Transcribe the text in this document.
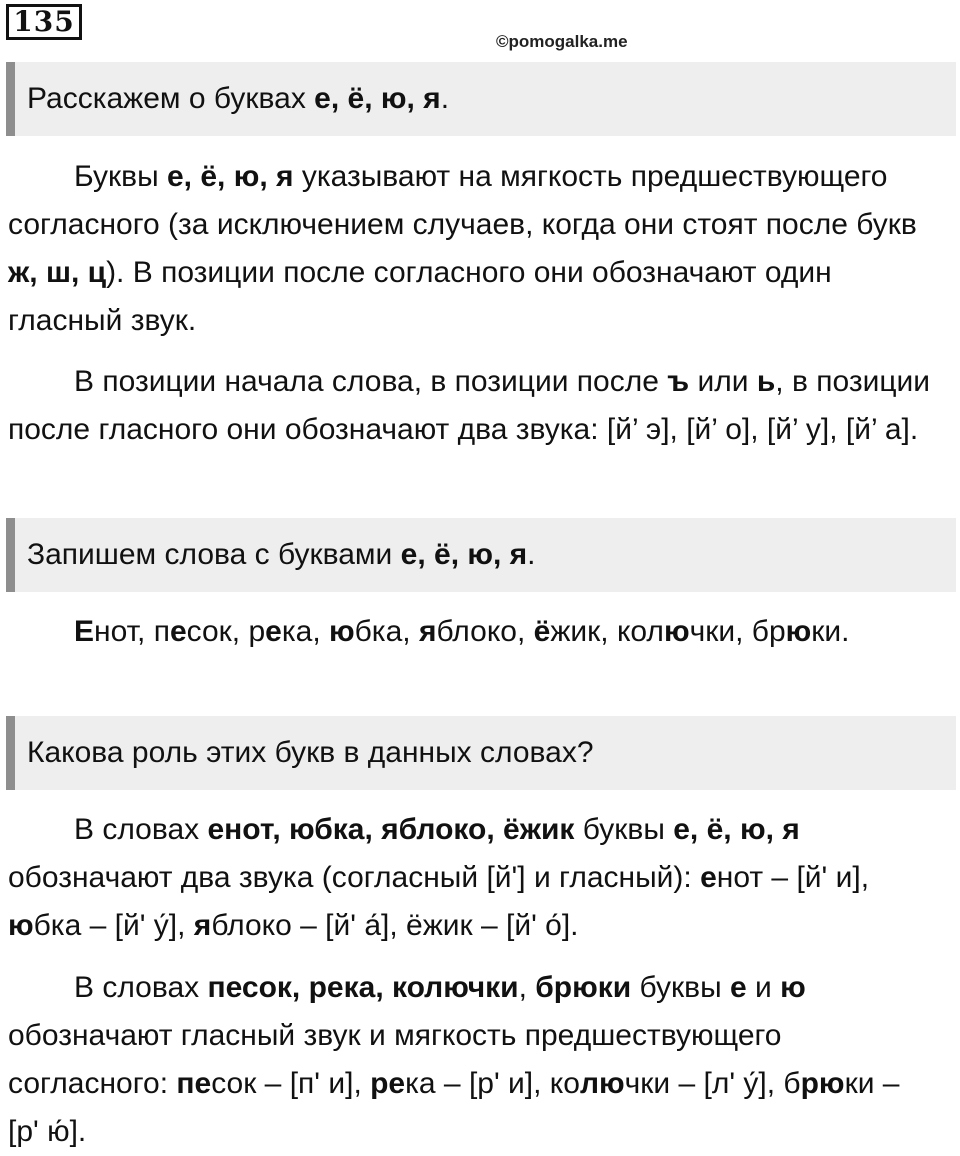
135
©pomogalka.me
Расскажем о буквах е, ё, ю, я.

Буквы е, ё, ю, я указывают на мягкость предшествующего согласного (за исключением случаев, когда они стоят после букв ж, ш, ц). В позиции после согласного они обозначают один гласный звук.

В позиции начала слова, в позиции после ъ или ь, в позиции после гласного они обозначают два звука: [й’ э], [й’ о], [й’ у], [й’ а].

Запишем слова с буквами е, ё, ю, я.

Енот, песок, река, юбка, яблоко, ёжик, колючки, брюки.

Какова роль этих букв в данных словах?

В словах енот, юбка, яблоко, ёжик буквы е, ё, ю, я обозначают два звука (согласный [й'] и гласный): енот – [й' и], юбка – [й' у́], яблоко – [й' а́], ёжик – [й' о́].

В словах песок, река, колючки, брюки буквы е и ю обозначают гласный звук и мягкость предшествующего согласного: песок – [п' и], река – [р' и], колючки – [л' у́], брюки – [р' ю́].
